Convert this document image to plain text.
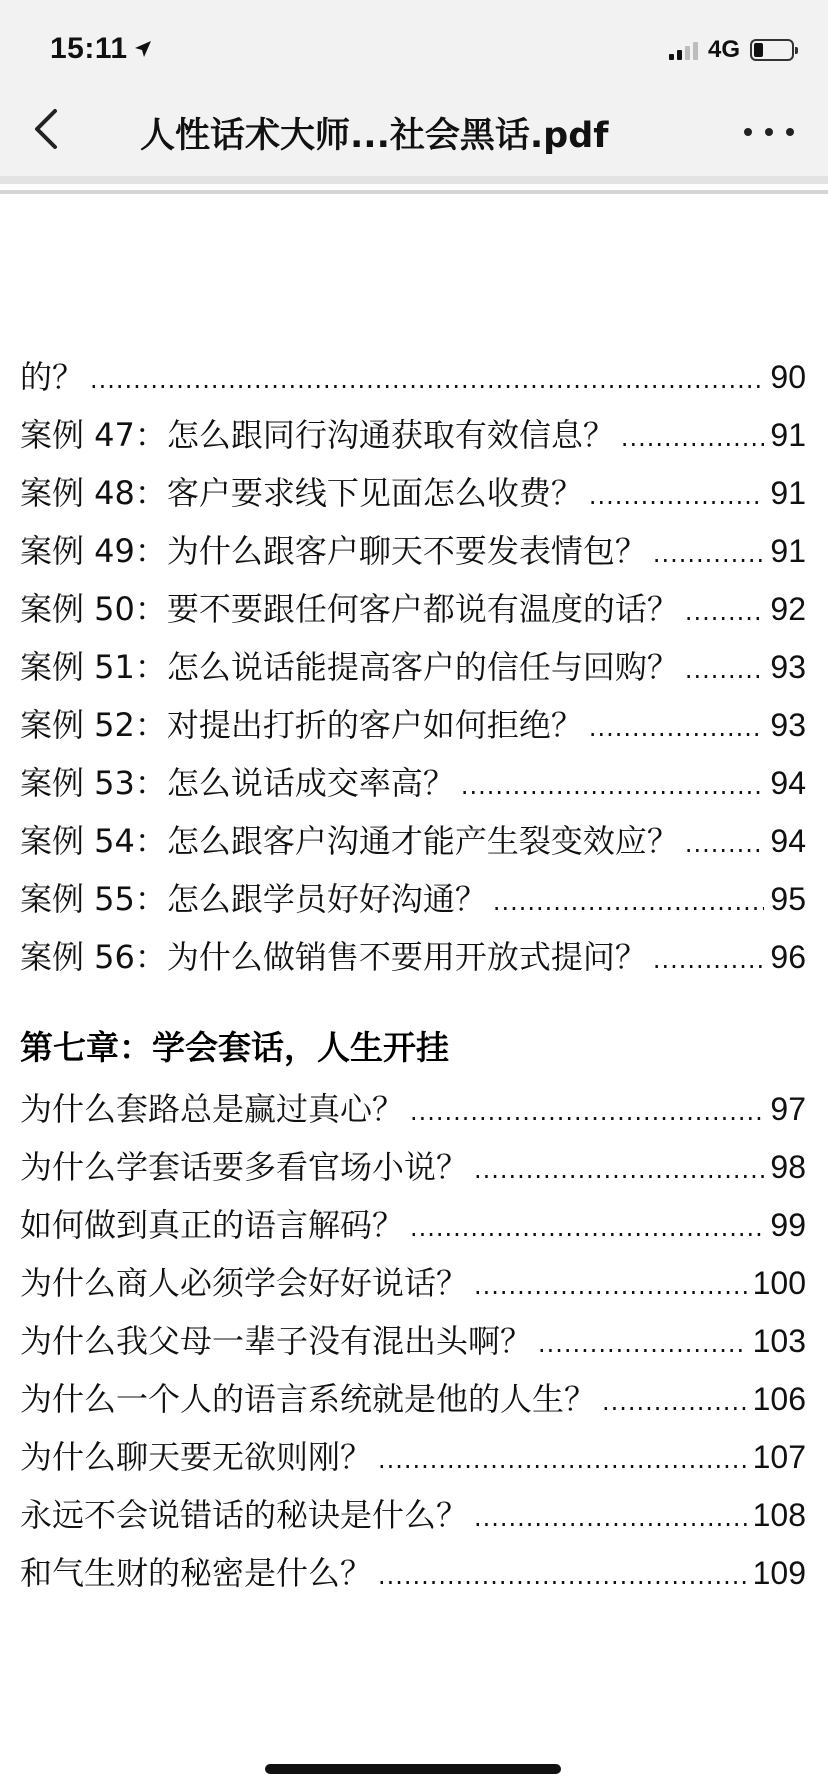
15:11	4G
人性话术大师...社会黑话.pdf
的？ .....	90
案例 47：怎么跟同行沟通获取有效信息？ .....	91
案例 48：客户要求线下见面怎么收费？ .....	91
案例 49：为什么跟客户聊天不要发表情包？ .....	91
案例 50：要不要跟任何客户都说有温度的话？ .....	92
案例 51：怎么说话能提高客户的信任与回购？ .....	93
案例 52：对提出打折的客户如何拒绝？ .....	93
案例 53：怎么说话成交率高？ .....	94
案例 54：怎么跟客户沟通才能产生裂变效应？ .....	94
案例 55：怎么跟学员好好沟通？ .....	95
案例 56：为什么做销售不要用开放式提问？ .....	96
第七章：学会套话，人生开挂
为什么套路总是赢过真心？ .....	97
为什么学套话要多看官场小说？ .....	98
如何做到真正的语言解码？ .....	99
为什么商人必须学会好好说话？ .....	100
为什么我父母一辈子没有混出头啊？ .....	103
为什么一个人的语言系统就是他的人生？ .....	106
为什么聊天要无欲则刚？ .....	107
永远不会说错话的秘诀是什么？ .....	108
和气生财的秘密是什么？ .....	109
